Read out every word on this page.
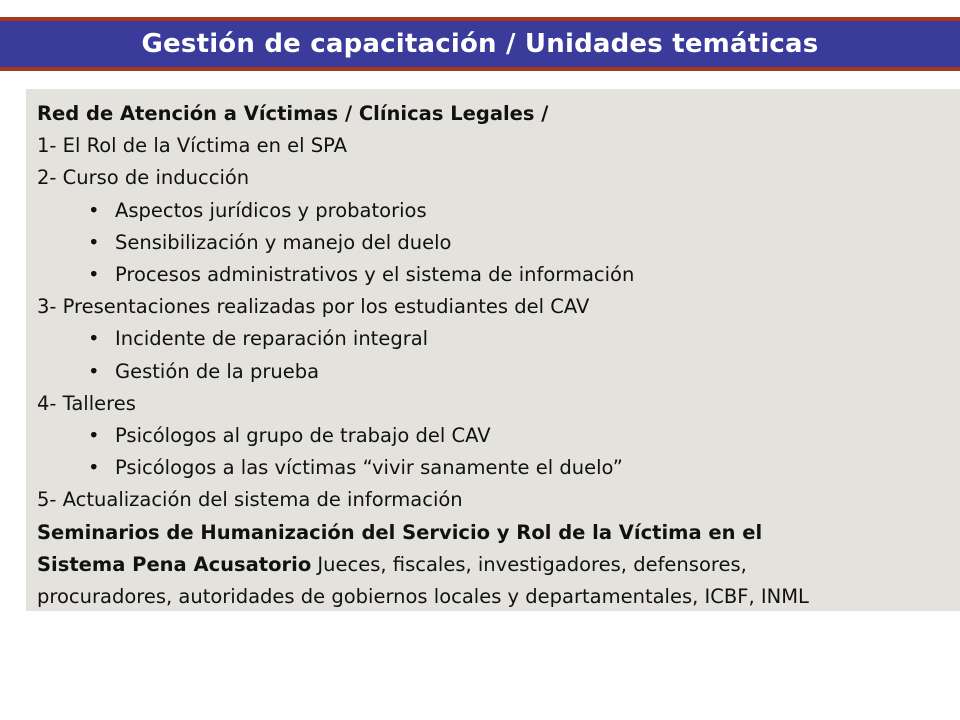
Gestión de capacitación / Unidades temáticas
Red de Atención a Víctimas / Clínicas Legales /
1- El Rol de la Víctima en el SPA
2- Curso de inducción
• Aspectos jurídicos y probatorios
• Sensibilización y manejo del duelo
• Procesos administrativos y el sistema de información
3- Presentaciones realizadas por los estudiantes del CAV
• Incidente de reparación integral
• Gestión de la prueba
4- Talleres
• Psicólogos al grupo de trabajo del CAV
• Psicólogos a las víctimas “vivir sanamente el duelo”
5- Actualización del sistema de información
Seminarios de Humanización del Servicio y Rol de la Víctima en el
Sistema Pena Acusatorio Jueces, fiscales, investigadores, defensores,
procuradores, autoridades de gobiernos locales y departamentales, ICBF, INML
